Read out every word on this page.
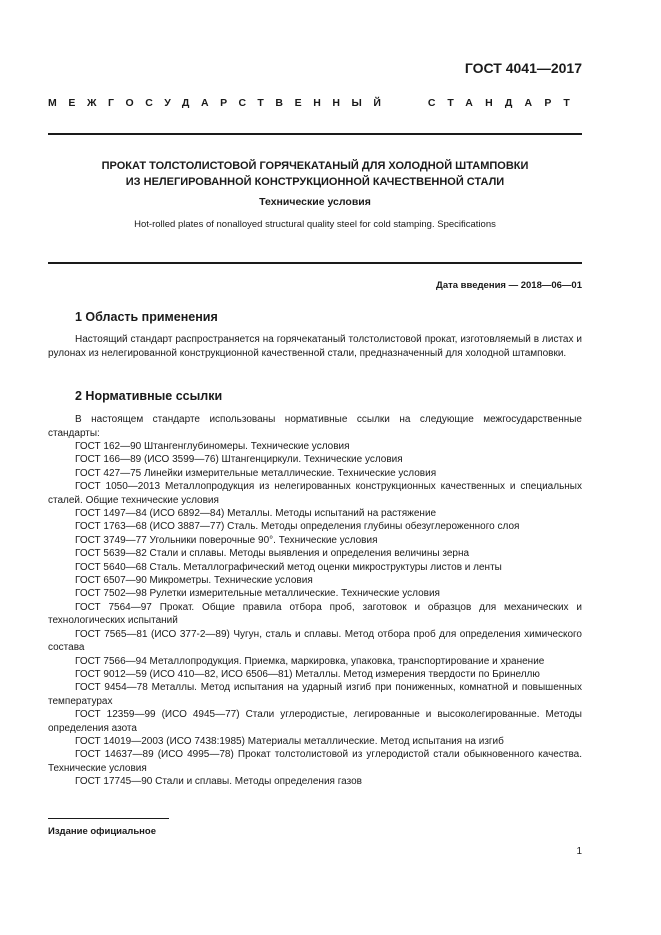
ГОСТ 4041—2017
МЕЖГОСУДАРСТВЕННЫЙ	СТАНДАРТ
ПРОКАТ ТОЛСТОЛИСТОВОЙ ГОРЯЧЕКАТАНЫЙ ДЛЯ ХОЛОДНОЙ ШТАМПОВКИ
ИЗ НЕЛЕГИРОВАННОЙ КОНСТРУКЦИОННОЙ КАЧЕСТВЕННОЙ СТАЛИ
Технические условия
Hot-rolled plates of nonalloyed structural quality steel for cold stamping. Specifications
Дата введения — 2018—06—01
1 Область применения

Настоящий стандарт распространяется на горячекатаный толстолистовой прокат, изготовляемый в листах и рулонах из нелегированной конструкционной качественной стали, предназначенный для холодной штамповки.

2 Нормативные ссылки

В настоящем стандарте использованы нормативные ссылки на следующие межгосударственные стандарты:

ГОСТ 162—90 Штангенглубиномеры. Технические условия
ГОСТ 166—89 (ИСО 3599—76) Штангенциркули. Технические условия
ГОСТ 427—75 Линейки измерительные металлические. Технические условия
ГОСТ 1050—2013 Металлопродукция из нелегированных конструкционных качественных и специальных сталей. Общие технические условия
ГОСТ 1497—84 (ИСО 6892—84) Металлы. Методы испытаний на растяжение
ГОСТ 1763—68 (ИСО 3887—77) Сталь. Методы определения глубины обезуглероженного слоя
ГОСТ 3749—77 Угольники поверочные 90°. Технические условия
ГОСТ 5639—82 Стали и сплавы. Методы выявления и определения величины зерна
ГОСТ 5640—68 Сталь. Металлографический метод оценки микроструктуры листов и ленты
ГОСТ 6507—90 Микрометры. Технические условия
ГОСТ 7502—98 Рулетки измерительные металлические. Технические условия
ГОСТ 7564—97 Прокат. Общие правила отбора проб, заготовок и образцов для механических и технологических испытаний
ГОСТ 7565—81 (ИСО 377-2—89) Чугун, сталь и сплавы. Метод отбора проб для определения химического состава
ГОСТ 7566—94 Металлопродукция. Приемка, маркировка, упаковка, транспортирование и хранение
ГОСТ 9012—59 (ИСО 410—82, ИСО 6506—81) Металлы. Метод измерения твердости по Бринеллю
ГОСТ 9454—78 Металлы. Метод испытания на ударный изгиб при пониженных, комнатной и повышенных температурах
ГОСТ 12359—99 (ИСО 4945—77) Стали углеродистые, легированные и высоколегированные. Методы определения азота
ГОСТ 14019—2003 (ИСО 7438:1985) Материалы металлические. Метод испытания на изгиб
ГОСТ 14637—89 (ИСО 4995—78) Прокат толстолистовой из углеродистой стали обыкновенного качества. Технические условия
ГОСТ 17745—90 Стали и сплавы. Методы определения газов
Издание официальное
1
